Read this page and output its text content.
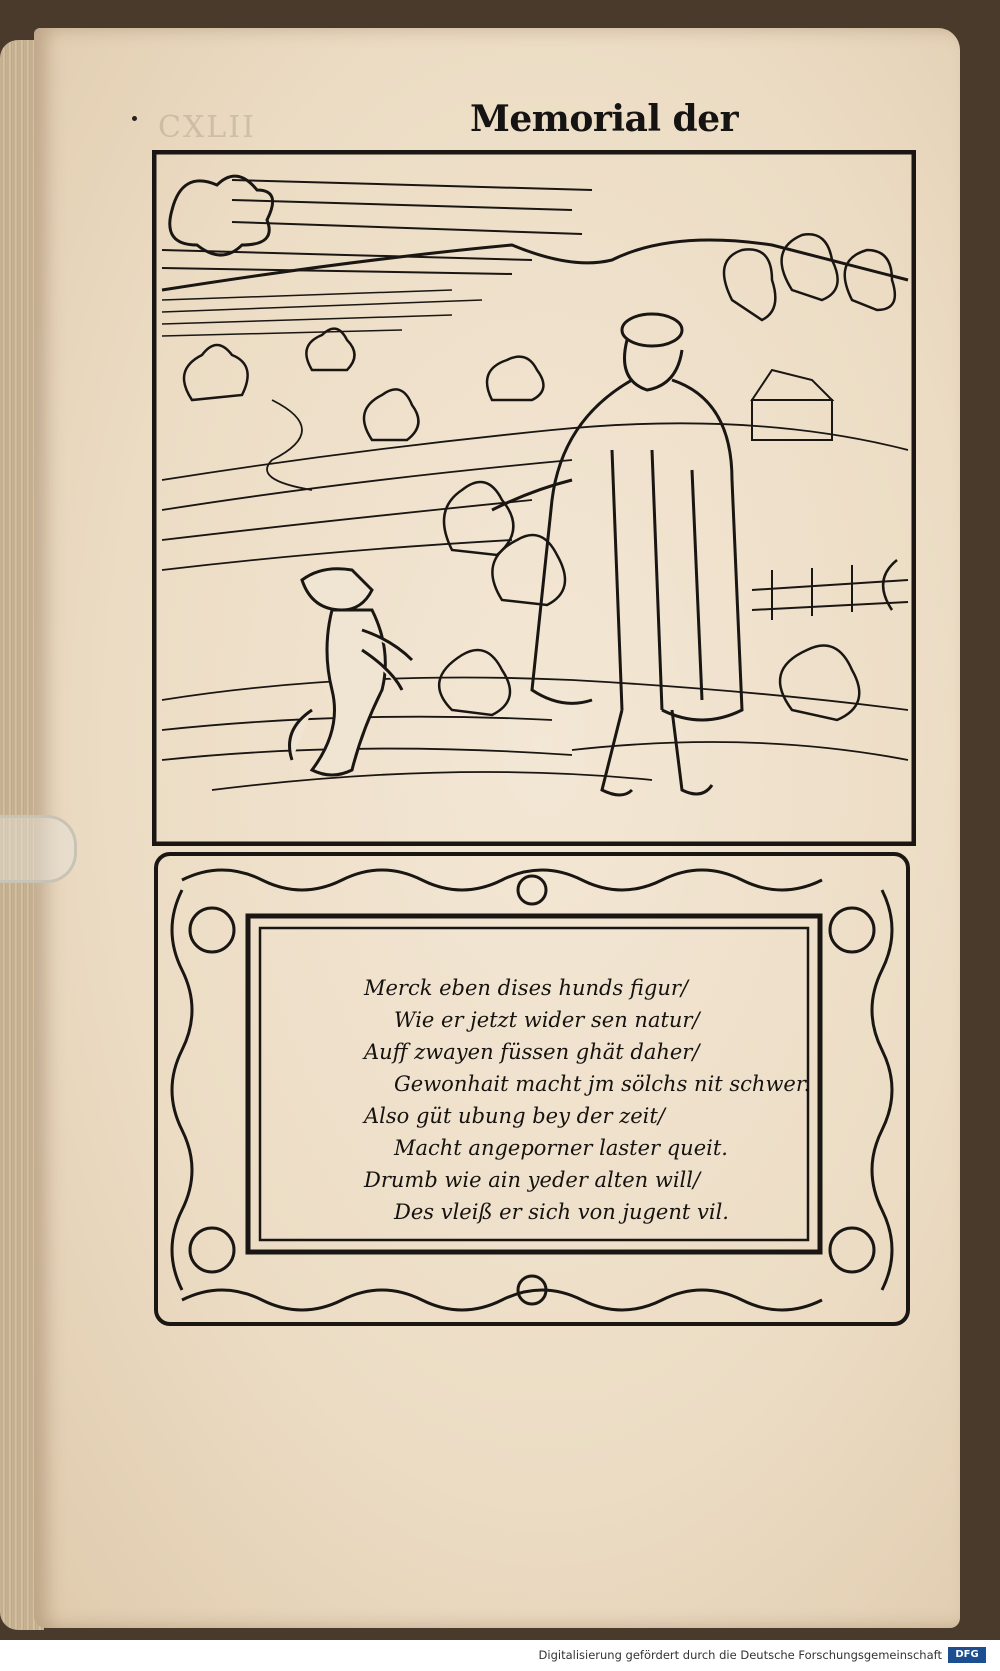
CXLII	Memorial der
Merck eben dises hunds figur/
Wie er jetzt wider sen natur/
Auff zwayen füssen ghät daher/
Gewonhait macht jm sölchs nit schwer.
Also güt ubung bey der zeit/
Macht angeporner laster queit.
Drumb wie ain yeder alten will/
Des vleiß er sich von jugent vil.
Digitalisierung gefördert durch die Deutsche Forschungsgemeinschaft	DFG
